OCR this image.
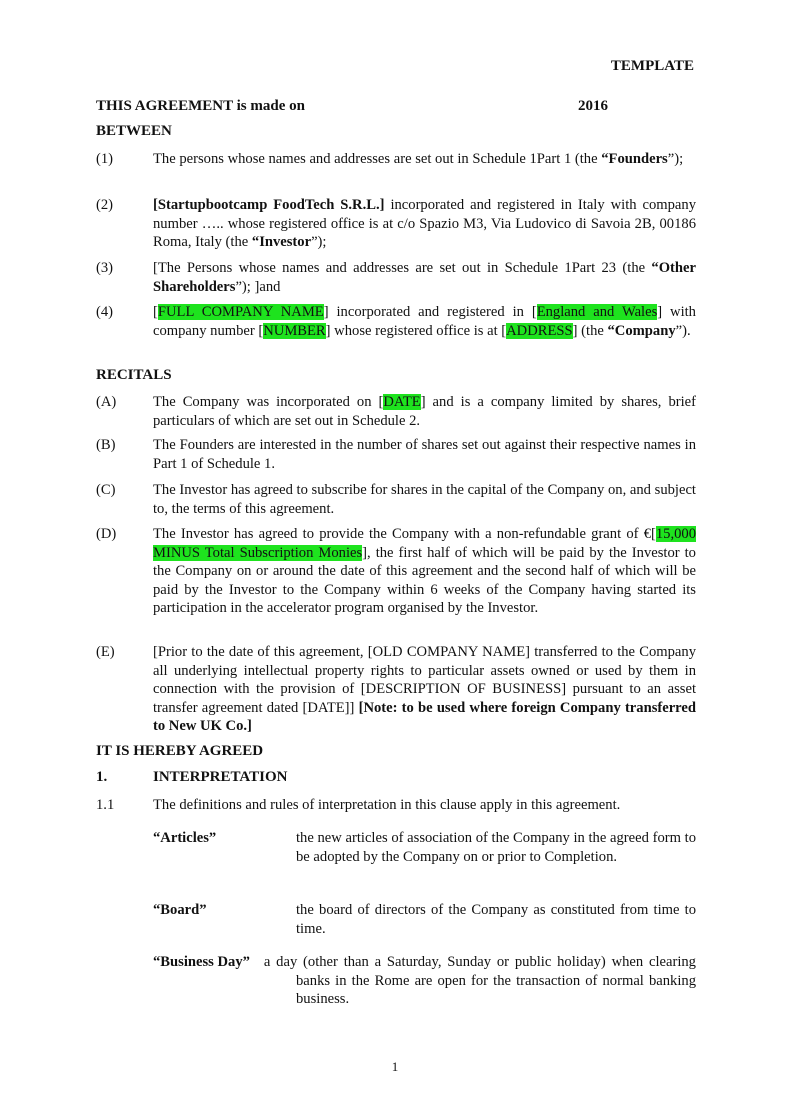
TEMPLATE
THIS AGREEMENT is made on	2016
BETWEEN
(1)	The persons whose names and addresses are set out in Schedule 1Part 1 (the “Founders”);
(2)	[Startupbootcamp FoodTech S.R.L.] incorporated and registered in Italy with company number ….. whose registered office is at c/o Spazio M3, Via Ludovico di Savoia 2B, 00186 Roma, Italy (the “Investor”);
(3)	[The Persons whose names and addresses are set out in Schedule 1Part 23 (the “Other Shareholders”); ]and
(4)	[FULL COMPANY NAME] incorporated and registered in [England and Wales] with company number [NUMBER] whose registered office is at [ADDRESS] (the “Company”).
RECITALS
(A)	The Company was incorporated on [DATE] and is a company limited by shares, brief particulars of which are set out in Schedule 2.
(B)	The Founders are interested in the number of shares set out against their respective names in Part 1 of Schedule 1.
(C)	The Investor has agreed to subscribe for shares in the capital of the Company on, and subject to, the terms of this agreement.
(D)	The Investor has agreed to provide the Company with a non-refundable grant of €[15,000 MINUS Total Subscription Monies], the first half of which will be paid by the Investor to the Company on or around the date of this agreement and the second half of which will be paid by the Investor to the Company within 6 weeks of the Company having started its participation in the accelerator program organised by the Investor.
(E)	[Prior to the date of this agreement, [OLD COMPANY NAME] transferred to the Company all underlying intellectual property rights to particular assets owned or used by them in connection with the provision of [DESCRIPTION OF BUSINESS] pursuant to an asset transfer agreement dated [DATE]] [Note: to be used where foreign Company transferred to New UK Co.]
IT IS HEREBY AGREED
1.	INTERPRETATION
1.1	The definitions and rules of interpretation in this clause apply in this agreement.
“Articles”	the new articles of association of the Company in the agreed form to be adopted by the Company on or prior to Completion.
“Board”	the board of directors of the Company as constituted from time to time.
“Business Day” a day (other than a Saturday, Sunday or public holiday) when clearing banks in the Rome are open for the transaction of normal banking business.
1
